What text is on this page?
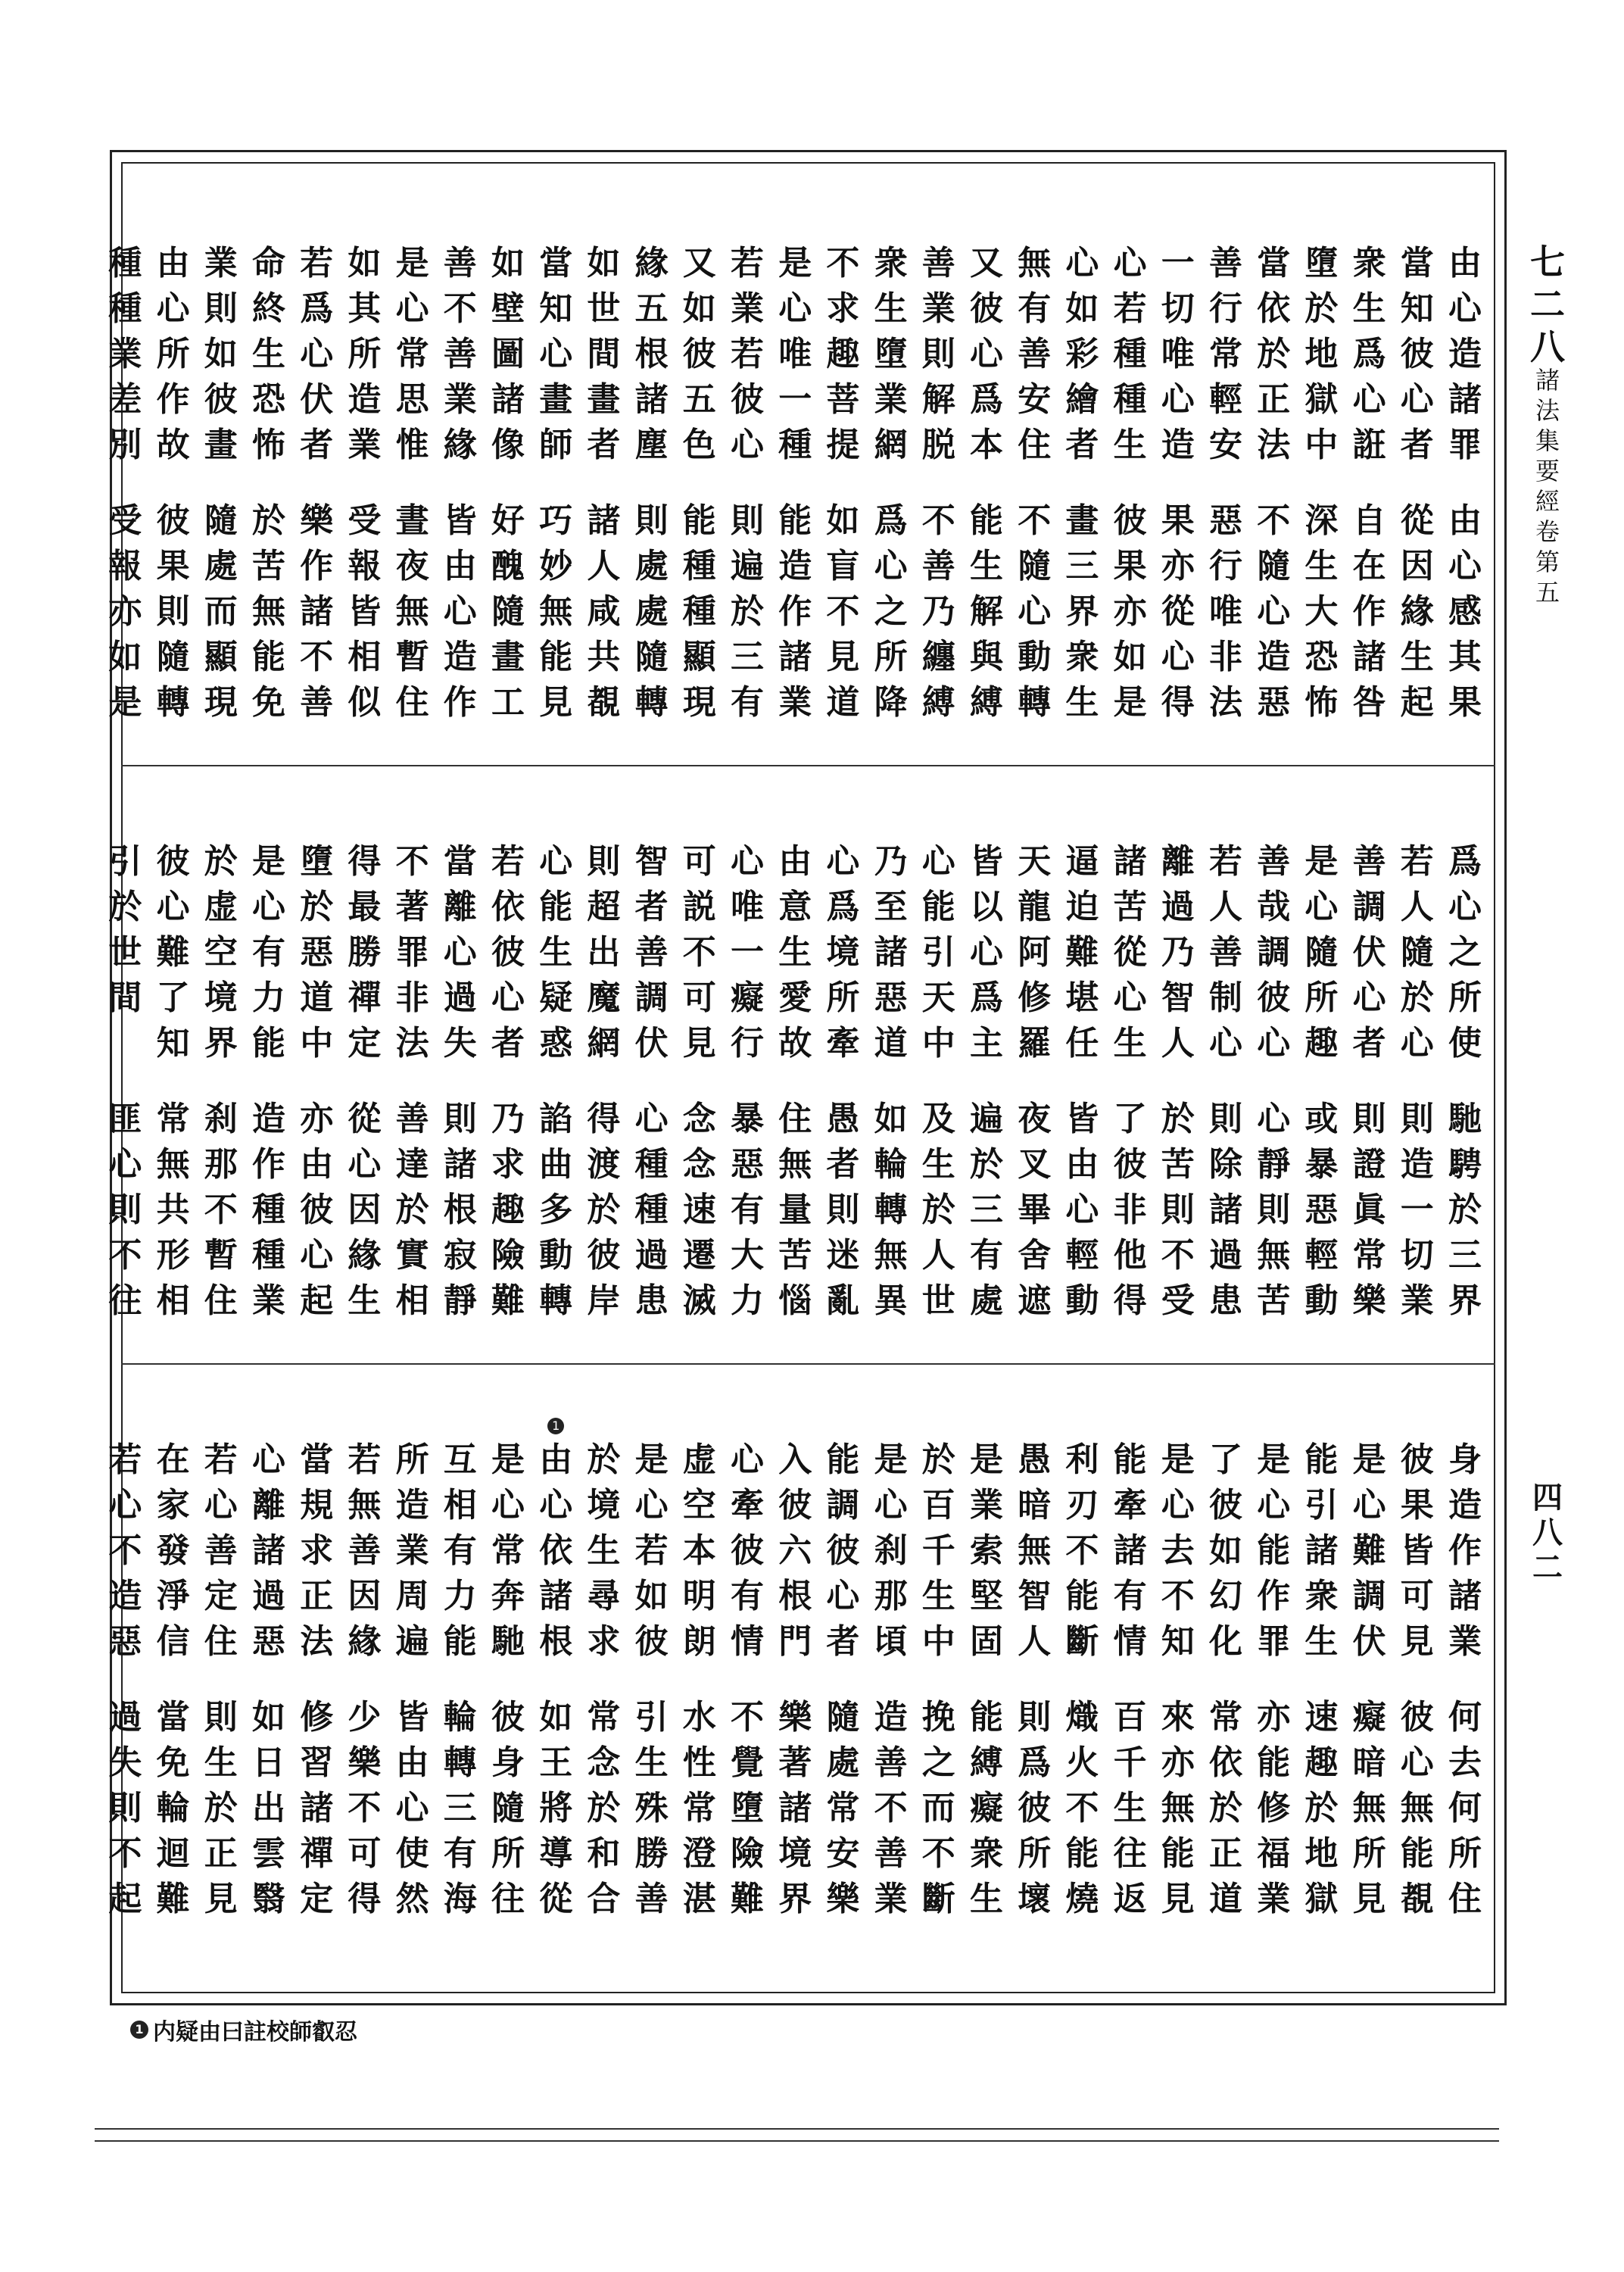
七
二
八
諸
法
集
要
經
卷
第
五
四
八
二
由
心
造
諸
罪
由
心
感
其
果
當
知
彼
心
者
從
因
緣
生
起
衆
生
爲
心
誑
自
在
作
諸
咎
墮
於
地
獄
中
深
生
大
恐
怖
當
依
於
正
法
不
隨
心
造
惡
善
行
常
輕
安
惡
行
唯
非
法
一
切
唯
心
造
果
亦
從
心
得
心
若
種
種
生
彼
果
亦
如
是
心
如
彩
繪
者
畫
三
界
衆
生
無
有
善
安
住
不
隨
心
動
轉
又
彼
心
爲
本
能
生
解
與
縛
善
業
則
解
脱
不
善
乃
纏
縛
衆
生
墮
業
網
爲
心
之
所
降
不
求
趣
菩
提
如
盲
不
見
道
是
心
唯
一
種
能
造
作
諸
業
若
業
若
彼
心
則
遍
於
三
有
又
如
彼
五
色
能
種
種
顯
現
緣
五
根
諸
塵
則
處
處
隨
轉
如
世
間
畫
者
諸
人
咸
共
覩
當
知
心
畫
師
巧
妙
無
能
見
如
壁
圖
諸
像
好
醜
隨
畫
工
善
不
善
業
緣
皆
由
心
造
作
是
心
常
思
惟
晝
夜
無
暫
住
如
其
所
造
業
受
報
皆
相
似
若
爲
心
伏
者
樂
作
諸
不
善
命
終
生
恐
怖
於
苦
無
能
免
業
則
如
彼
畫
隨
處
而
顯
現
由
心
所
作
故
彼
果
則
隨
轉
種
種
業
差
別
受
報
亦
如
是
爲
心
之
所
使
馳
騁
於
三
界
若
人
隨
於
心
則
造
一
切
業
善
調
伏
心
者
則
證
眞
常
樂
是
心
隨
所
趣
或
暴
惡
輕
動
善
哉
調
彼
心
心
靜
則
無
苦
若
人
善
制
心
則
除
諸
過
患
離
過
乃
智
人
於
苦
則
不
受
諸
苦
從
心
生
了
彼
非
他
得
逼
迫
難
堪
任
皆
由
心
輕
動
天
龍
阿
修
羅
夜
叉
畢
舍
遮
皆
以
心
爲
主
遍
於
三
有
處
心
能
引
天
中
及
生
於
人
世
乃
至
諸
惡
道
如
輪
轉
無
異
心
爲
境
所
牽
愚
者
則
迷
亂
由
意
生
愛
故
住
無
量
苦
惱
心
唯
一
癡
行
暴
惡
有
大
力
可
説
不
可
見
念
念
速
遷
滅
智
者
善
調
伏
心
種
種
過
患
則
超
出
魔
網
得
渡
於
彼
岸
心
能
生
疑
惑
諂
曲
多
動
轉
若
依
彼
心
者
乃
求
趣
險
難
當
離
心
過
失
則
諸
根
寂
靜
不
著
罪
非
法
善
達
於
實
相
得
最
勝
禪
定
從
心
因
緣
生
墮
於
惡
道
中
亦
由
彼
心
起
是
心
有
力
能
造
作
種
種
業
於
虚
空
境
界
刹
那
不
暫
住
彼
心
難
了
知
常
無
共
形
相
引
於
世
間
匪
心
則
不
往
身
造
作
諸
業
何
去
何
所
住
彼
果
皆
可
見
彼
心
無
能
覩
是
心
難
調
伏
癡
暗
無
所
見
能
引
諸
衆
生
速
趣
於
地
獄
是
心
能
作
罪
亦
能
修
福
業
了
彼
如
幻
化
常
依
於
正
道
是
心
去
不
知
來
亦
無
能
見
能
牽
諸
有
情
百
千
生
往
返
利
刃
不
能
斷
熾
火
不
能
燒
愚
暗
無
智
人
則
爲
彼
所
壞
是
業
索
堅
固
能
縛
癡
衆
生
於
百
千
生
中
挽
之
而
不
斷
是
心
刹
那
頃
造
善
不
善
業
能
調
彼
心
者
隨
處
常
安
樂
入
彼
六
根
門
樂
著
諸
境
界
心
牽
彼
有
情
不
覺
墮
險
難
虚
空
本
明
朗
水
性
常
澄
湛
是
心
若
如
彼
引
生
殊
勝
善
於
境
生
尋
求
常
念
於
和
合
由
心
依
諸
根
1
如
王
將
導
從
是
心
常
奔
馳
彼
身
隨
所
往
互
相
有
力
能
輪
轉
三
有
海
所
造
業
周
遍
皆
由
心
使
然
若
無
善
因
緣
少
樂
不
可
得
當
規
求
正
法
修
習
諸
禪
定
心
離
諸
過
惡
如
日
出
雲
翳
若
心
善
定
住
則
生
於
正
見
在
家
發
淨
信
當
免
輪
迴
難
若
心
不
造
惡
過
失
則
不
起
1 内疑由曰註校師叡忍
